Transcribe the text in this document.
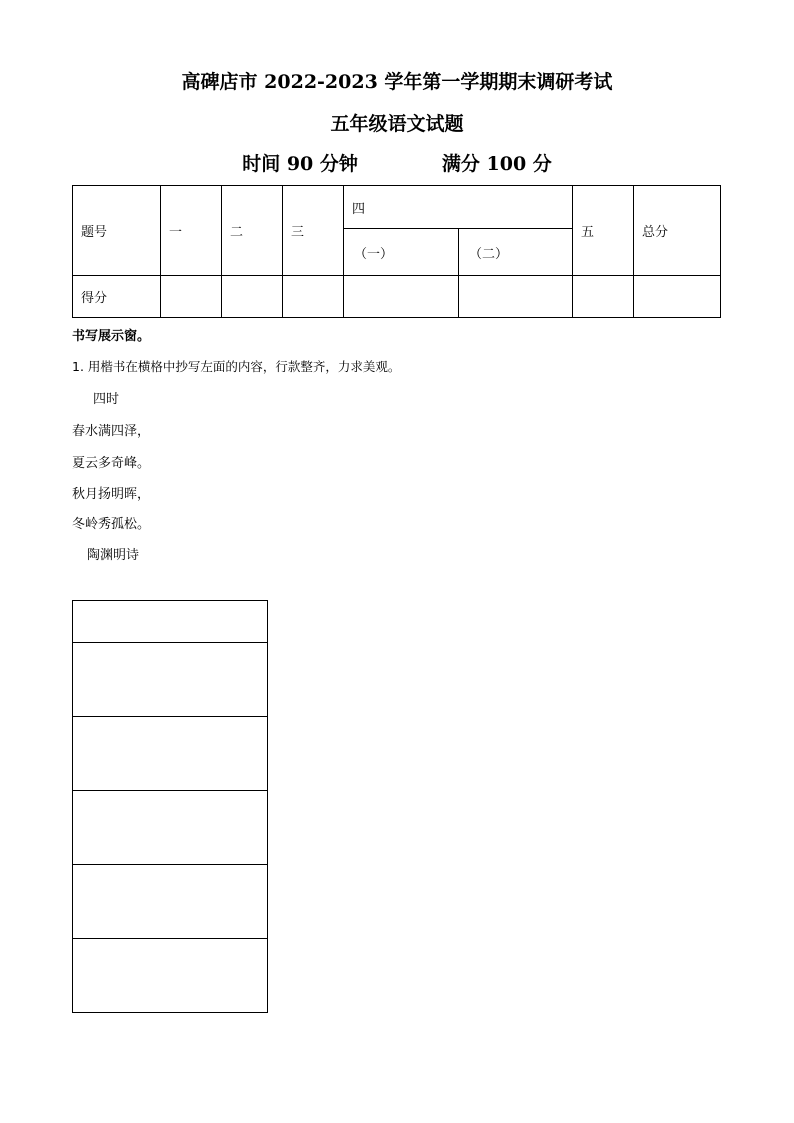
高碑店市 2022-2023 学年第一学期期末调研考试
五年级语文试题
时间 90 分钟	满分 100 分
题号	一	二	三	四		五	总分
				（一）	（二）		
得分							
书写展示窗。
1. 用楷书在横格中抄写左面的内容，行款整齐，力求美观。
四时
春水满四泽，
夏云多奇峰。
秋月扬明晖，
冬岭秀孤松。
陶渊明诗
